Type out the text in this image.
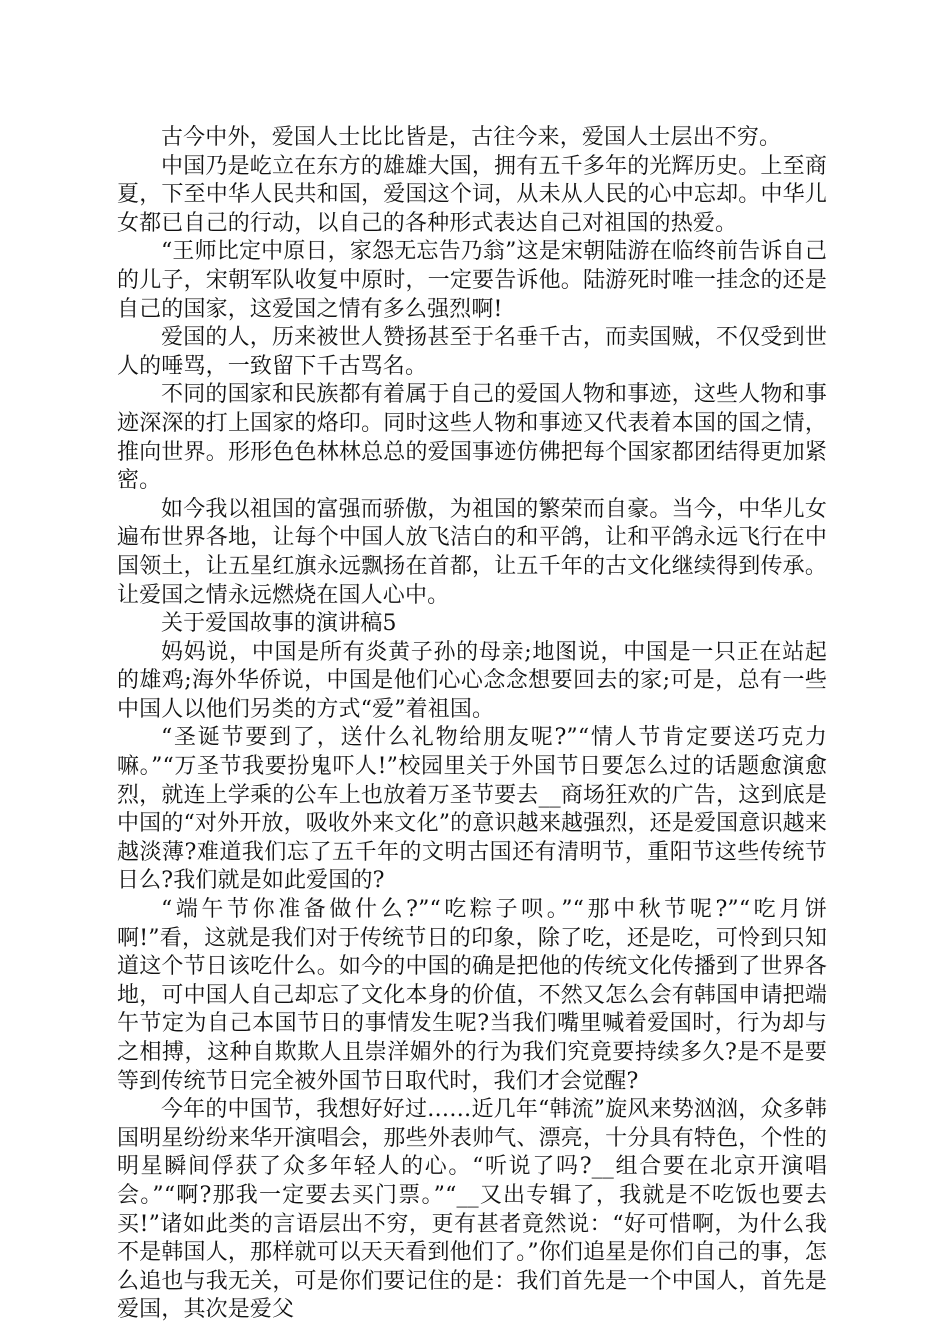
古今中外，爱国人士比比皆是，古往今来，爱国人士层出不穷。

中国乃是屹立在东方的雄雄大国，拥有五千多年的光辉历史。上至商夏，下至中华人民共和国，爱国这个词，从未从人民的心中忘却。中华儿女都已自己的行动，以自己的各种形式表达自己对祖国的热爱。

“王师比定中原日，家怨无忘告乃翁”这是宋朝陆游在临终前告诉自己的儿子，宋朝军队收复中原时，一定要告诉他。陆游死时唯一挂念的还是自己的国家，这爱国之情有多么强烈啊!

爱国的人，历来被世人赞扬甚至于名垂千古，而卖国贼，不仅受到世人的唾骂，一致留下千古骂名。

不同的国家和民族都有着属于自己的爱国人物和事迹，这些人物和事迹深深的打上国家的烙印。同时这些人物和事迹又代表着本国的国之情，推向世界。形形色色林林总总的爱国事迹仿佛把每个国家都团结得更加紧密。

如今我以祖国的富强而骄傲，为祖国的繁荣而自豪。当今，中华儿女遍布世界各地，让每个中国人放飞洁白的和平鸽，让和平鸽永远飞行在中国领土，让五星红旗永远飘扬在首都，让五千年的古文化继续得到传承。让爱国之情永远燃烧在国人心中。

关于爱国故事的演讲稿5

妈妈说，中国是所有炎黄子孙的母亲;地图说，中国是一只正在站起的雄鸡;海外华侨说，中国是他们心心念念想要回去的家;可是，总有一些中国人以他们另类的方式“爱”着祖国。

“圣诞节要到了，送什么礼物给朋友呢?”“情人节肯定要送巧克力嘛。”“万圣节我要扮鬼吓人!”校园里关于外国节日要怎么过的话题愈演愈烈，就连上学乘的公车上也放着万圣节要去__商场狂欢的广告，这到底是中国的“对外开放，吸收外来文化”的意识越来越强烈，还是爱国意识越来越淡薄?难道我们忘了五千年的文明古国还有清明节，重阳节这些传统节日么?我们就是如此爱国的?

“端午节你准备做什么?”“吃粽子呗。”“那中秋节呢?”“吃月饼啊!”看，这就是我们对于传统节日的印象，除了吃，还是吃，可怜到只知道这个节日该吃什么。如今的中国的确是把他的传统文化传播到了世界各地，可中国人自己却忘了文化本身的价值，不然又怎么会有韩国申请把端午节定为自己本国节日的事情发生呢?当我们嘴里喊着爱国时，行为却与之相搏，这种自欺欺人且崇洋媚外的行为我们究竟要持续多久?是不是要等到传统节日完全被外国节日取代时，我们才会觉醒?

今年的中国节，我想好好过……近几年“韩流”旋风来势汹汹，众多韩国明星纷纷来华开演唱会，那些外表帅气、漂亮，十分具有特色，个性的明星瞬间俘获了众多年轻人的心。“听说了吗?__组合要在北京开演唱会。”“啊?那我一定要去买门票。”“__又出专辑了，我就是不吃饭也要去买!”诸如此类的言语层出不穷，更有甚者竟然说：“好可惜啊，为什么我不是韩国人，那样就可以天天看到他们了。”你们追星是你们自己的事，怎么追也与我无关，可是你们要记住的是：我们首先是一个中国人，首先是爱国，其次是爱父
